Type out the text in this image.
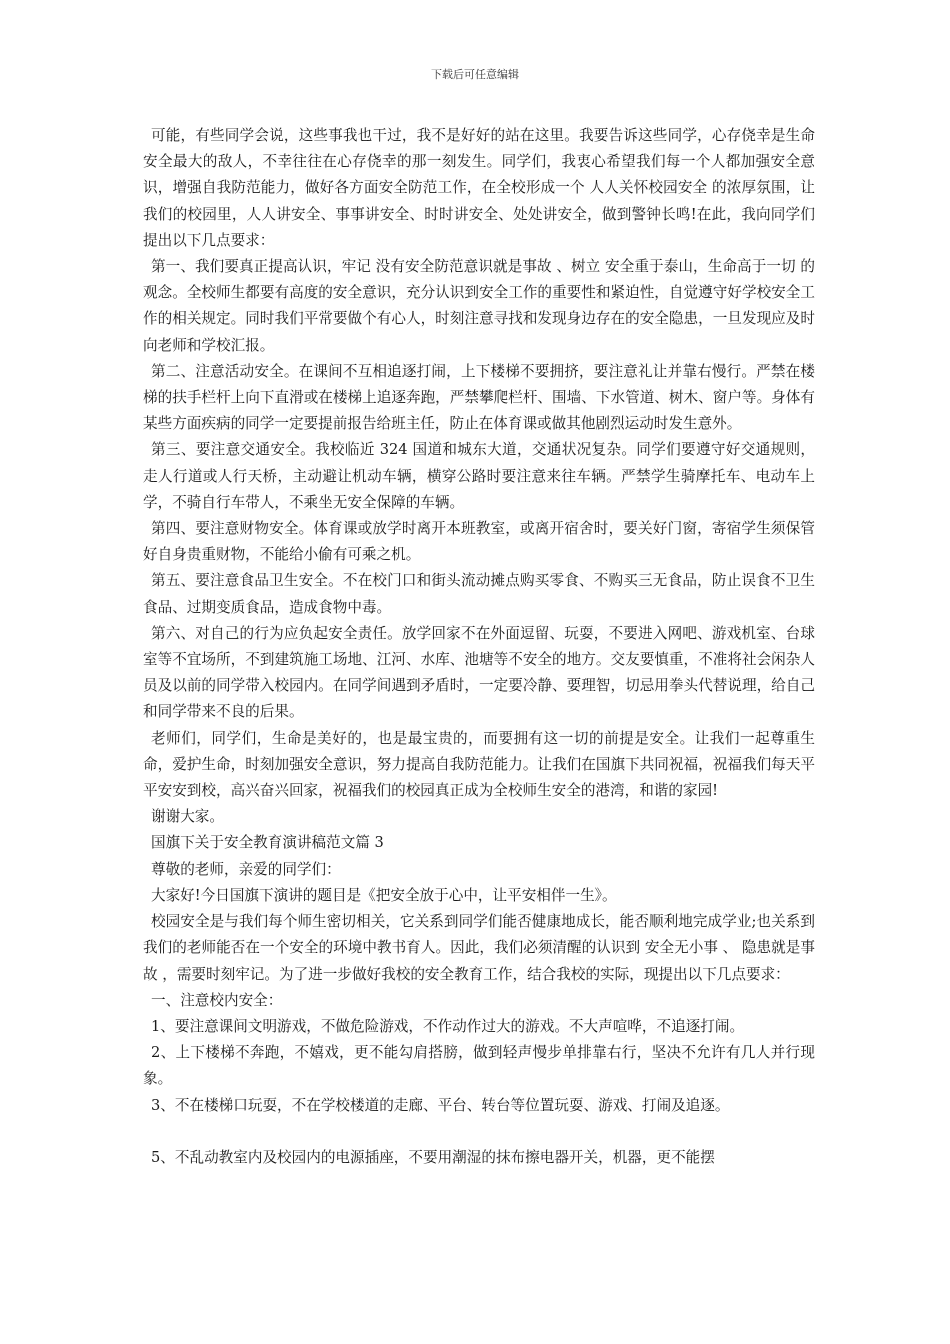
下载后可任意编辑

可能，有些同学会说，这些事我也干过，我不是好好的站在这里。我要告诉这些同学，心存侥幸是生命安全最大的敌人，不幸往往在心存侥幸的那一刻发生。同学们，我衷心希望我们每一个人都加强安全意识，增强自我防范能力，做好各方面安全防范工作，在全校形成一个 人人关怀校园安全 的浓厚氛围，让我们的校园里，人人讲安全、事事讲安全、时时讲安全、处处讲安全，做到警钟长鸣!在此，我向同学们提出以下几点要求：

第一、我们要真正提高认识，牢记 没有安全防范意识就是事故 、树立 安全重于泰山，生命高于一切 的观念。全校师生都要有高度的安全意识，充分认识到安全工作的重要性和紧迫性，自觉遵守好学校安全工作的相关规定。同时我们平常要做个有心人，时刻注意寻找和发现身边存在的安全隐患，一旦发现应及时向老师和学校汇报。

第二、注意活动安全。在课间不互相追逐打闹，上下楼梯不要拥挤，要注意礼让并靠右慢行。严禁在楼梯的扶手栏杆上向下直滑或在楼梯上追逐奔跑，严禁攀爬栏杆、围墙、下水管道、树木、窗户等。身体有某些方面疾病的同学一定要提前报告给班主任，防止在体育课或做其他剧烈运动时发生意外。

第三、要注意交通安全。我校临近 324 国道和城东大道，交通状况复杂。同学们要遵守好交通规则，走人行道或人行天桥，主动避让机动车辆，横穿公路时要注意来往车辆。严禁学生骑摩托车、电动车上学，不骑自行车带人，不乘坐无安全保障的车辆。

第四、要注意财物安全。体育课或放学时离开本班教室，或离开宿舍时，要关好门窗，寄宿学生须保管好自身贵重财物，不能给小偷有可乘之机。

第五、要注意食品卫生安全。不在校门口和街头流动摊点购买零食、不购买三无食品，防止误食不卫生食品、过期变质食品，造成食物中毒。

第六、对自己的行为应负起安全责任。放学回家不在外面逗留、玩耍，不要进入网吧、游戏机室、台球室等不宜场所，不到建筑施工场地、江河、水库、池塘等不安全的地方。交友要慎重，不准将社会闲杂人员及以前的同学带入校园内。在同学间遇到矛盾时，一定要冷静、要理智，切忌用拳头代替说理，给自己和同学带来不良的后果。

老师们，同学们，生命是美好的，也是最宝贵的，而要拥有这一切的前提是安全。让我们一起尊重生命，爱护生命，时刻加强安全意识，努力提高自我防范能力。让我们在国旗下共同祝福，祝福我们每天平平安安到校，高兴奋兴回家，祝福我们的校园真正成为全校师生安全的港湾，和谐的家园!

谢谢大家。

国旗下关于安全教育演讲稿范文篇 3

尊敬的老师，亲爱的同学们：

大家好!今日国旗下演讲的题目是《把安全放于心中，让平安相伴一生》。

校园安全是与我们每个师生密切相关，它关系到同学们能否健康地成长，能否顺利地完成学业;也关系到我们的老师能否在一个安全的环境中教书育人。因此，我们必须清醒的认识到 安全无小事 、 隐患就是事故 ，需要时刻牢记。为了进一步做好我校的安全教育工作，结合我校的实际，现提出以下几点要求：

一、注意校内安全：

1、要注意课间文明游戏，不做危险游戏，不作动作过大的游戏。不大声喧哗，不追逐打闹。

2、上下楼梯不奔跑，不嬉戏，更不能勾肩搭膀，做到轻声慢步单排靠右行，坚决不允许有几人并行现象。

3、不在楼梯口玩耍，不在学校楼道的走廊、平台、转台等位置玩耍、游戏、打闹及追逐。

5、不乱动教室内及校园内的电源插座，不要用潮湿的抹布擦电器开关，机器，更不能摆
